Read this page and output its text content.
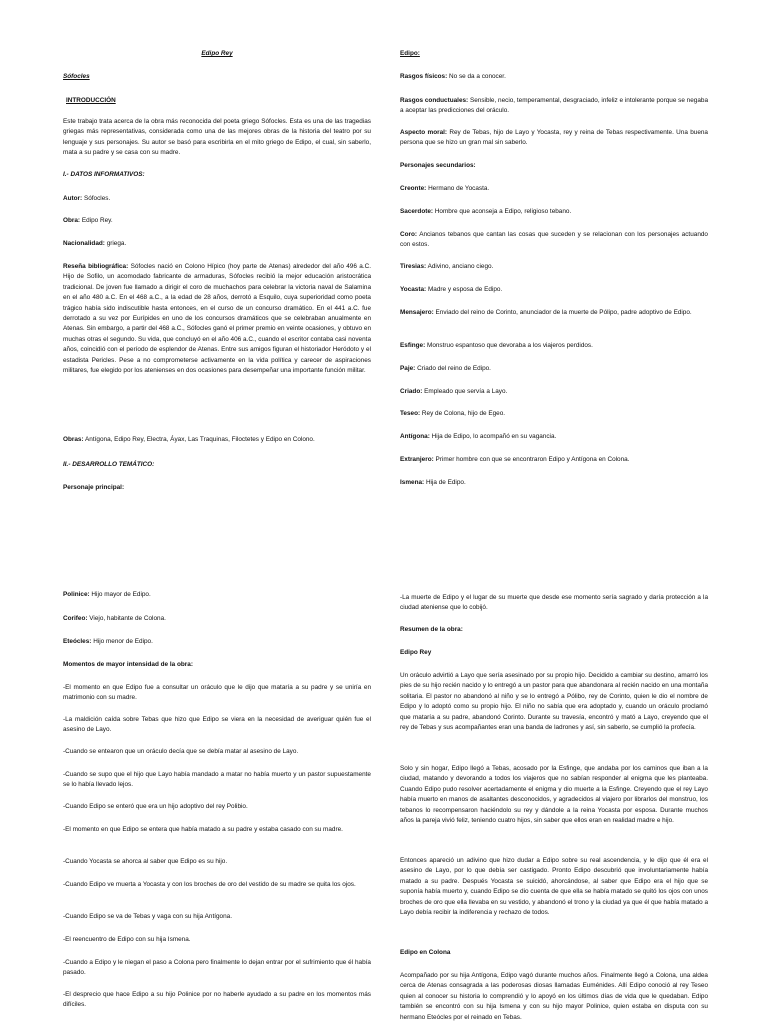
Edipo Rey

Sófocles

INTRODUCCIÓN

Este trabajo trata acerca de la obra más reconocida del poeta griego Sófocles. Esta es una de las tragedias griegas más representativas, considerada como una de las mejores obras de la historia del teatro por su lenguaje y sus personajes. Su autor se basó para escribirla en el mito griego de Edipo, el cual, sin saberlo, mata a su padre y se casa con su madre.

I.- DATOS INFORMATIVOS:

Autor: Sófocles.

Obra: Edipo Rey.

Nacionalidad: griega.

Reseña bibliográfica: Sófocles nació en Colono Hípico (hoy parte de Atenas) alrededor del año 496 a.C. Hijo de Sofilo, un acomodado fabricante de armaduras, Sófocles recibió la mejor educación aristocrática tradicional. De joven fue llamado a dirigir el coro de muchachos para celebrar la victoria naval de Salamina en el año 480 a.C. En el 468 a.C., a la edad de 28 años, derrotó a Esquilo, cuya superioridad como poeta trágico había sido indiscutible hasta entonces, en el curso de un concurso dramático. En el 441 a.C. fue derrotado a su vez por Eurípides en uno de los concursos dramáticos que se celebraban anualmente en Atenas. Sin embargo, a partir del 468 a.C., Sófocles ganó el primer premio en veinte ocasiones, y obtuvo en muchas otras el segundo. Su vida, que concluyó en el año 406 a.C., cuando el escritor contaba casi noventa años, coincidió con el período de esplendor de Atenas. Entre sus amigos figuran el historiador Heródoto y el estadista Pericles. Pese a no comprometerse activamente en la vida política y carecer de aspiraciones militares, fue elegido por los atenienses en dos ocasiones para desempeñar una importante función militar.

Obras: Antígona, Edipo Rey, Electra, Áyax, Las Traquinas, Filoctetes y Edipo en Colono.

II.- DESARROLLO TEMÁTICO:

Personaje principal:

Edipo:

Rasgos físicos: No se da a conocer.

Rasgos conductuales: Sensible, necio, temperamental, desgraciado, infeliz e intolerante porque se negaba a aceptar las predicciones del oráculo.

Aspecto moral: Rey de Tebas, hijo de Layo y Yocasta, rey y reina de Tebas respectivamente. Una buena persona que se hizo un gran mal sin saberlo.

Personajes secundarios:

Creonte: Hermano de Yocasta.

Sacerdote: Hombre que aconseja a Edipo, religioso tebano.

Coro: Ancianos tebanos que cantan las cosas que suceden y se relacionan con los personajes actuando con estos.

Tiresias: Adivino, anciano ciego.

Yocasta: Madre y esposa de Edipo.

Mensajero: Enviado del reino de Corinto, anunciador de la muerte de Pólipo, padre adoptivo de Edipo.

Esfinge: Monstruo espantoso que devoraba a los viajeros perdidos.

Paje: Criado del reino de Edipo.

Criado: Empleado que servía a Layo.

Teseo: Rey de Colona, hijo de Egeo.

Antígona: Hija de Edipo, lo acompañó en su vagancia.

Extranjero: Primer hombre con que se encontraron Edipo y Antígona en Colona.

Ismena: Hija de Edipo.

Polinice: Hijo mayor de Edipo.

Corifeo: Viejo, habitante de Colona.

Eteócles: Hijo menor de Edipo.

Momentos de mayor intensidad de la obra:

-El momento en que Edipo fue a consultar un oráculo que le dijo que mataría a su padre y se uniría en matrimonio con su madre.

-La maldición caída sobre Tebas que hizo que Edipo se viera en la necesidad de averiguar quién fue el asesino de Layo.

-Cuando se entearon que un oráculo decía que se debía matar al asesino de Layo.

-Cuando se supo que el hijo que Layo había mandado a matar no había muerto y un pastor supuestamente se lo había llevado lejos.

-Cuando Edipo se enteró que era un hijo adoptivo del rey Polibio.

-El momento en que Edipo se entera que había matado a su padre y estaba casado con su madre.

-Cuando Yocasta se ahorca al saber que Edipo es su hijo.

-Cuando Edipo ve muerta a Yocasta y con los broches de oro del vestido de su madre se quita los ojos.

-Cuando Edipo se va de Tebas y vaga con su hija Antígona.

-El reencuentro de Edipo con su hija Ismena.

-Cuando a Edipo y le niegan el paso a Colona pero finalmente lo dejan entrar por el sufrimiento que él había pasado.

-El desprecio que hace Edipo a su hijo Polinice por no haberle ayudado a su padre en los momentos más difíciles.

-La muerte de Edipo y el lugar de su muerte que desde ese momento sería sagrado y daría protección a la ciudad ateniense que lo cobijó.

Resumen de la obra:

Edipo Rey

Un oráculo advirtió a Layo que sería asesinado por su propio hijo. Decidido a cambiar su destino, amarró los pies de su hijo recién nacido y lo entregó a un pastor para que abandonara al recién nacido en una montaña solitaria. El pastor no abandonó al niño y se lo entregó a Pólibo, rey de Corinto, quien le dio el nombre de Edipo y lo adoptó como su propio hijo. El niño no sabía que era adoptado y, cuando un oráculo proclamó que mataría a su padre, abandonó Corinto. Durante su travesía, encontró y mató a Layo, creyendo que el rey de Tebas y sus acompañantes eran una banda de ladrones y así, sin saberlo, se cumplió la profecía.

Solo y sin hogar, Edipo llegó a Tebas, acosado por la Esfinge, que andaba por los caminos que iban a la ciudad, matando y devorando a todos los viajeros que no sabían responder al enigma que les planteaba. Cuando Edipo pudo resolver acertadamente el enigma y dio muerte a la Esfinge. Creyendo que el rey Layo había muerto en manos de asaltantes desconocidos, y agradecidos al viajero por librarlos del monstruo, los tebanos lo recompensaron haciéndolo su rey y dándole a la reina Yocasta por esposa. Durante muchos años la pareja vivió feliz, teniendo cuatro hijos, sin saber que ellos eran en realidad madre e hijo.

Entonces apareció un adivino que hizo dudar a Edipo sobre su real ascendencia, y le dijo que él era el asesino de Layo, por lo que debía ser castigado. Pronto Edipo descubrió que involuntariamente había matado a su padre. Después Yocasta se suicidó, ahorcándose, al saber que Edipo era el hijo que se suponía había muerto y, cuando Edipo se dio cuenta de que ella se había matado se quitó los ojos con unos broches de oro que ella llevaba en su vestido, y abandonó el trono y la ciudad ya que él que había matado a Layo debía recibir la indiferencia y rechazo de todos.

Edipo en Colona

Acompañado por su hija Antígona, Edipo vagó durante muchos años. Finalmente llegó a Colona, una aldea cerca de Atenas consagrada a las poderosas diosas llamadas Euménides. Allí Edipo conoció al rey Teseo quien al conocer su historia lo comprendió y lo apoyó en los últimos días de vida que le quedaban. Edipo también se encontró con su hija Ismena y con su hijo mayor Polinice, quien estaba en disputa con su hermano Eteócles por el reinado en Tebas.
